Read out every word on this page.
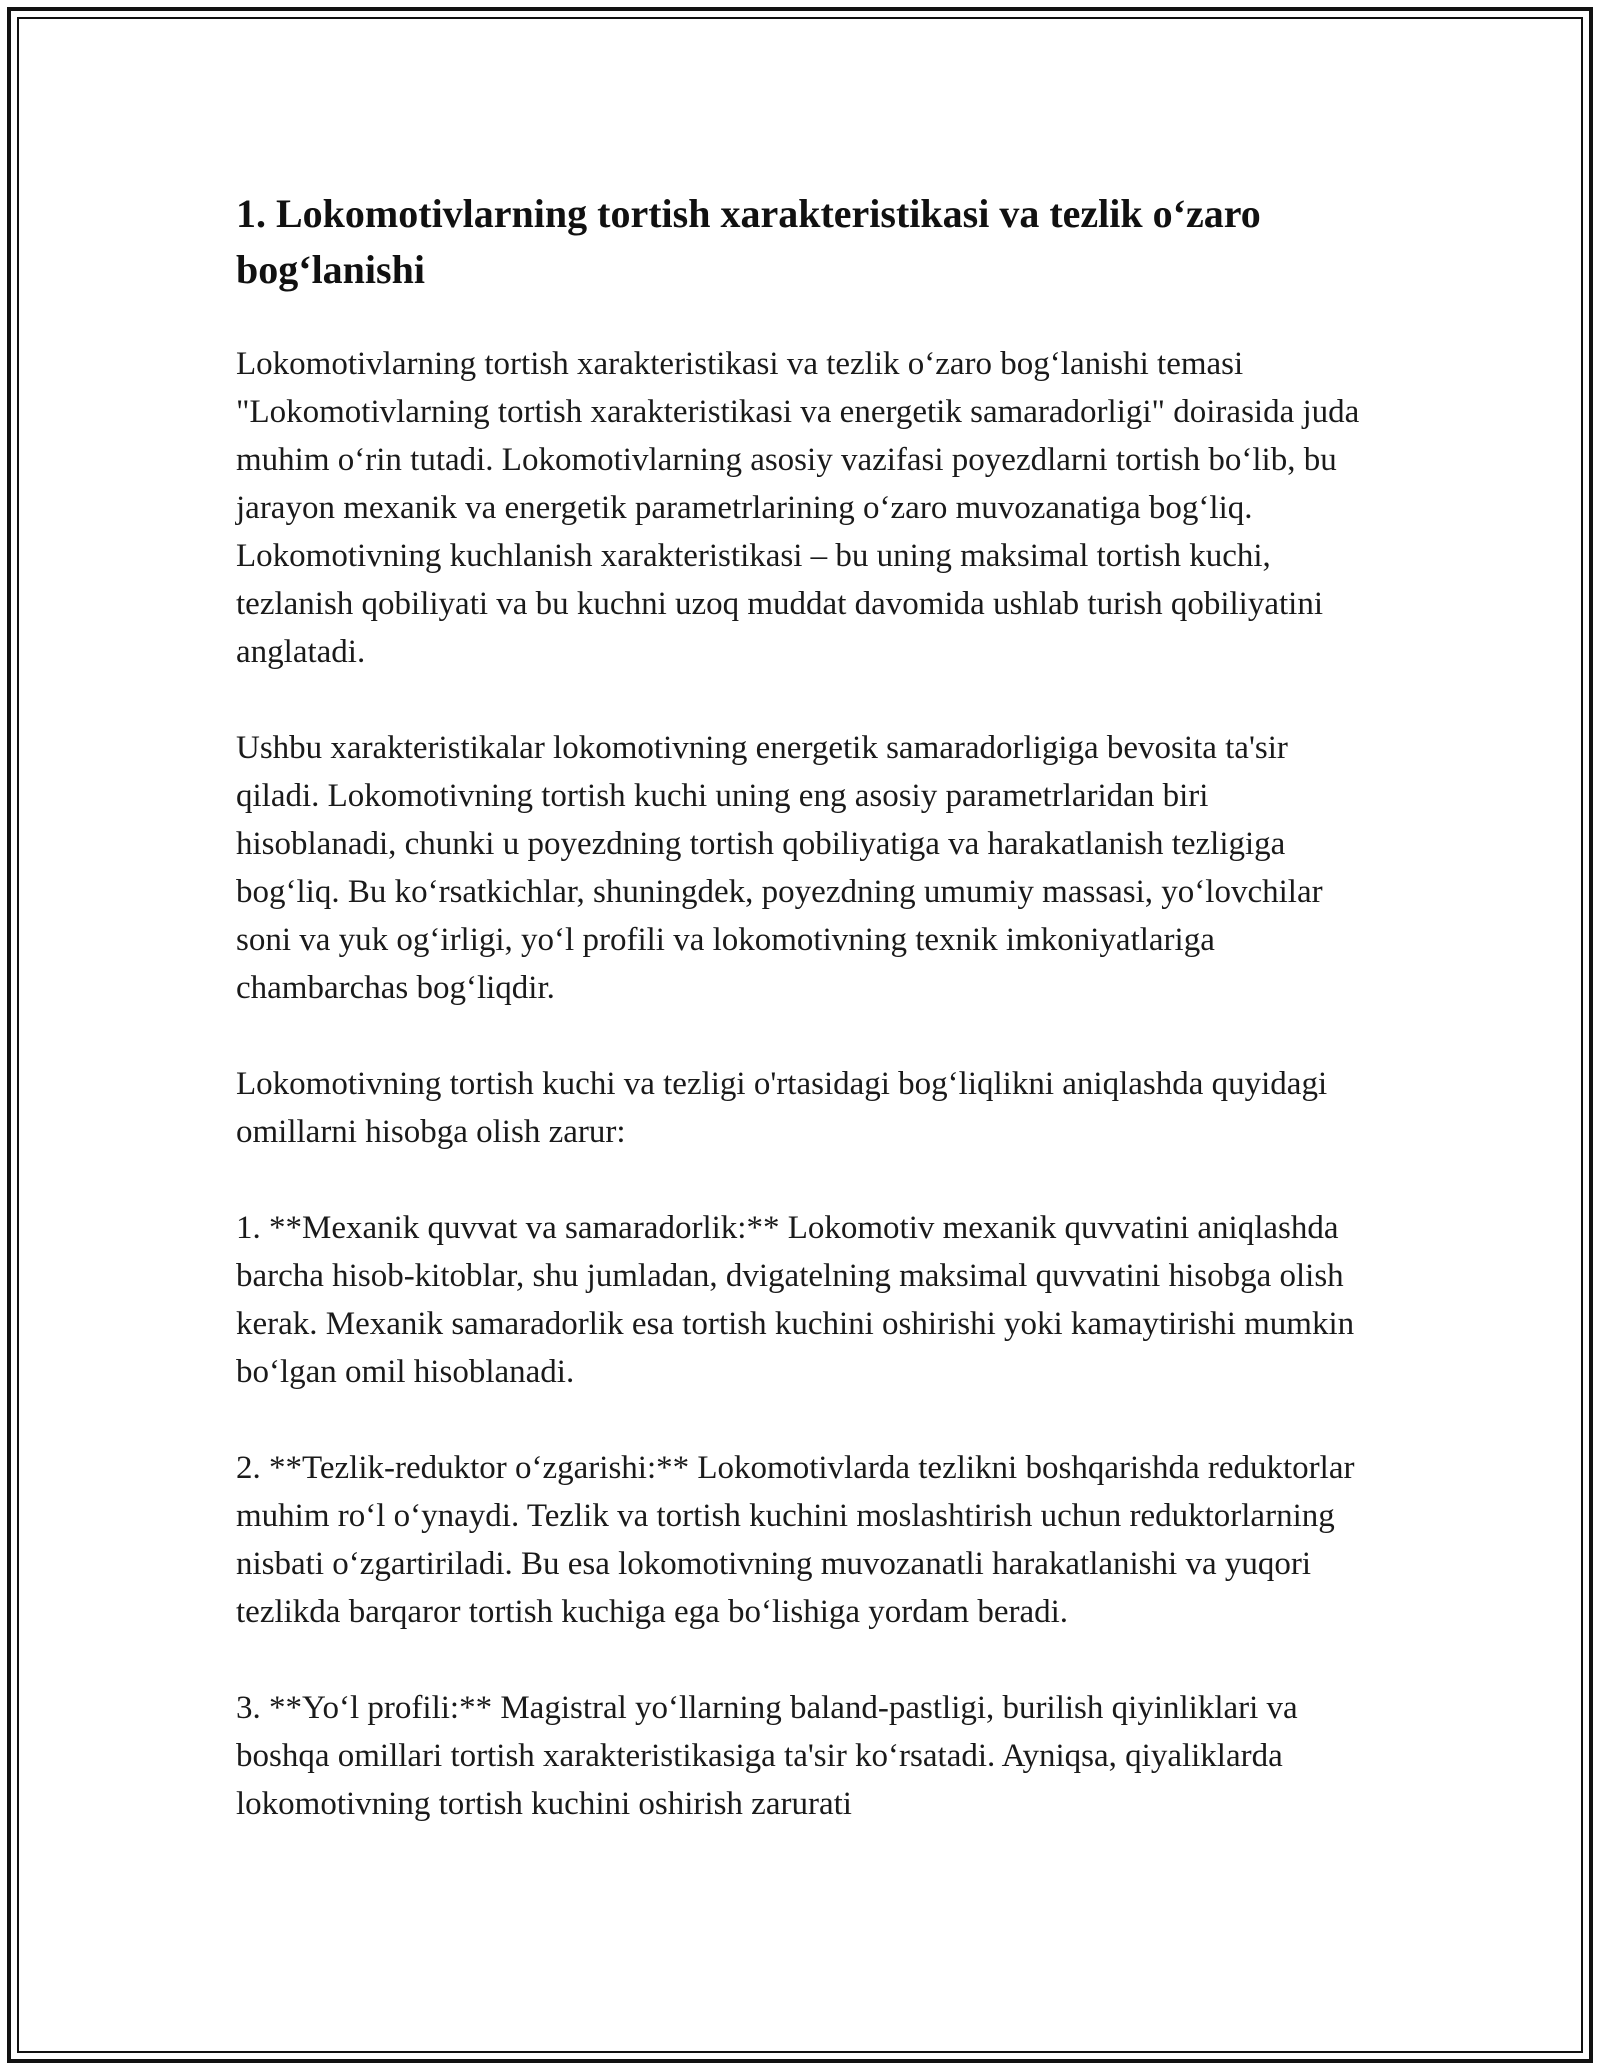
1. Lokomotivlarning tortish xarakteristikasi va tezlik o‘zaro bog‘lanishi

Lokomotivlarning tortish xarakteristikasi va tezlik o‘zaro bog‘lanishi temasi "Lokomotivlarning tortish xarakteristikasi va energetik samaradorligi" doirasida juda muhim o‘rin tutadi. Lokomotivlarning asosiy vazifasi poyezdlarni tortish bo‘lib, bu jarayon mexanik va energetik parametrlarining o‘zaro muvozanatiga bog‘liq. Lokomotivning kuchlanish xarakteristikasi – bu uning maksimal tortish kuchi, tezlanish qobiliyati va bu kuchni uzoq muddat davomida ushlab turish qobiliyatini anglatadi.

Ushbu xarakteristikalar lokomotivning energetik samaradorligiga bevosita ta'sir qiladi. Lokomotivning tortish kuchi uning eng asosiy parametrlaridan biri hisoblanadi, chunki u poyezdning tortish qobiliyatiga va harakatlanish tezligiga bog‘liq. Bu ko‘rsatkichlar, shuningdek, poyezdning umumiy massasi, yo‘lovchilar soni va yuk og‘irligi, yo‘l profili va lokomotivning texnik imkoniyatlariga chambarchas bog‘liqdir.

Lokomotivning tortish kuchi va tezligi o'rtasidagi bog‘liqlikni aniqlashda quyidagi omillarni hisobga olish zarur:

1. **Mexanik quvvat va samaradorlik:** Lokomotiv mexanik quvvatini aniqlashda barcha hisob-kitoblar, shu jumladan, dvigatelning maksimal quvvatini hisobga olish kerak. Mexanik samaradorlik esa tortish kuchini oshirishi yoki kamaytirishi mumkin bo‘lgan omil hisoblanadi.

2. **Tezlik-reduktor o‘zgarishi:** Lokomotivlarda tezlikni boshqarishda reduktorlar muhim ro‘l o‘ynaydi. Tezlik va tortish kuchini moslashtirish uchun reduktorlarning nisbati o‘zgartiriladi. Bu esa lokomotivning muvozanatli harakatlanishi va yuqori tezlikda barqaror tortish kuchiga ega bo‘lishiga yordam beradi.

3. **Yo‘l profili:** Magistral yo‘llarning baland-pastligi, burilish qiyinliklari va boshqa omillari tortish xarakteristikasiga ta'sir ko‘rsatadi. Ayniqsa, qiyaliklarda lokomotivning tortish kuchini oshirish zarurati
